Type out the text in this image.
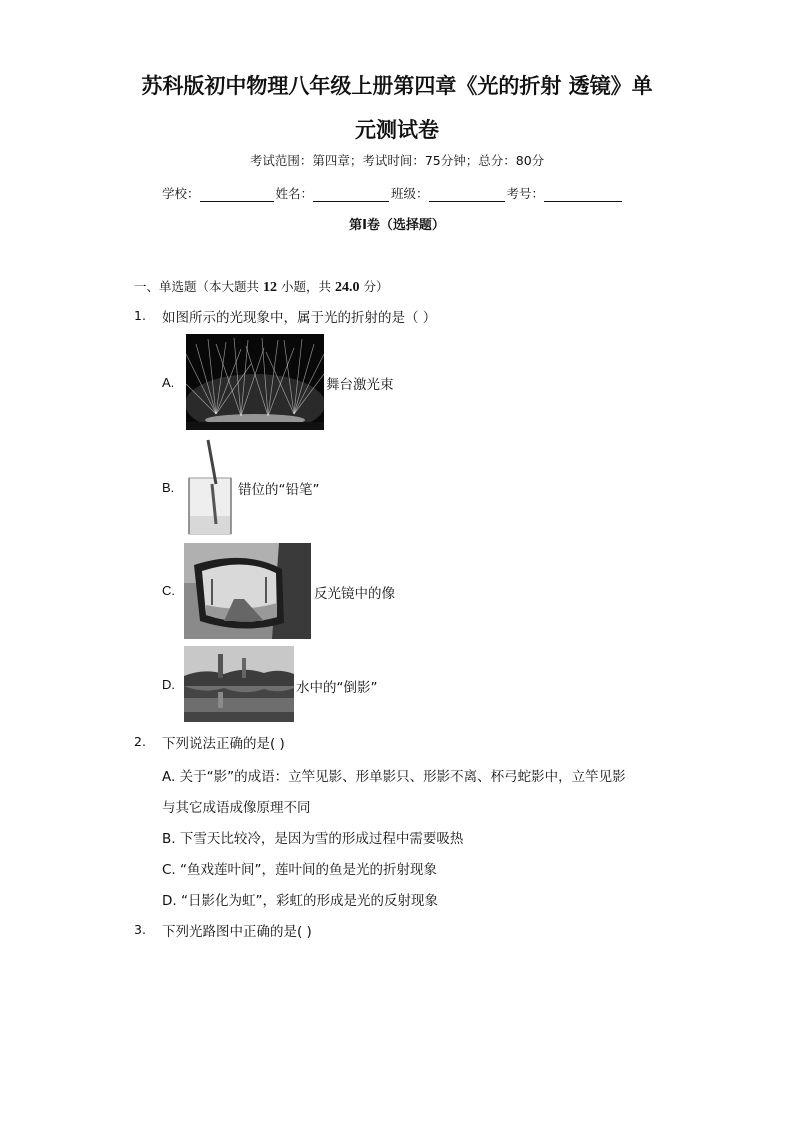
苏科版初中物理八年级上册第四章《光的折射 透镜》单
元测试卷
考试范围：第四章；考试时间：75分钟；总分：80分
学校：	姓名：	班级：	考号：
第I卷（选择题）
一、单选题（本大题共 12 小题，共 24.0 分）
1. 如图所示的光现象中，属于光的折射的是（ ）
A.	舞台激光束
B.	错位的“铅笔”
C.	反光镜中的像
D.	水中的“倒影”
2. 下列说法正确的是( )
A. 关于“影”的成语：立竿见影、形单影只、形影不离、杯弓蛇影中，立竿见影
与其它成语成像原理不同
B. 下雪天比较冷，是因为雪的形成过程中需要吸热
C. “鱼戏莲叶间”，莲叶间的鱼是光的折射现象
D. “日影化为虹”，彩虹的形成是光的反射现象
3. 下列光路图中正确的是( )
